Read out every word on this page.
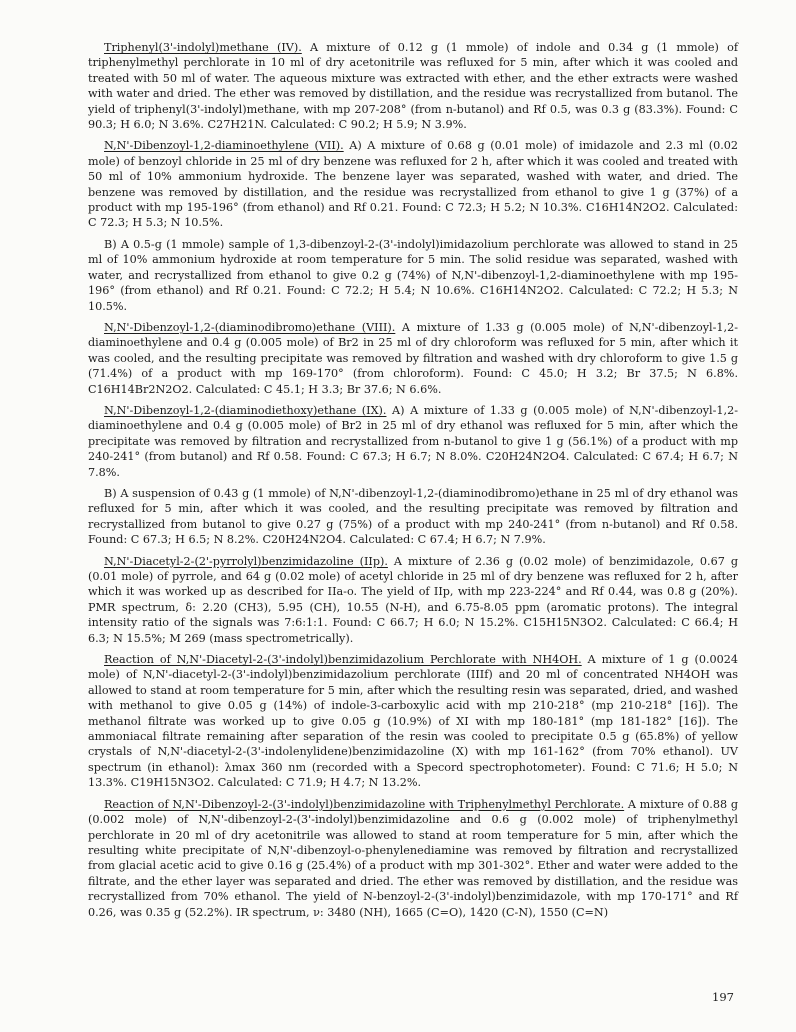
Triphenyl(3'-indolyl)methane (IV). A mixture of 0.12 g (1 mmole) of indole and 0.34 g (1 mmole) of triphenylmethyl perchlorate in 10 ml of dry acetonitrile was refluxed for 5 min, after which it was cooled and treated with 50 ml of water. The aqueous mixture was extracted with ether, and the ether extracts were washed with water and dried. The ether was removed by distillation, and the residue was recrystallized from butanol. The yield of triphenyl(3'-indolyl)methane, with mp 207-208° (from n-butanol) and Rf 0.5, was 0.3 g (83.3%). Found: C 90.3; H 6.0; N 3.6%. C27H21N. Calculated: C 90.2; H 5.9; N 3.9%.

N,N'-Dibenzoyl-1,2-diaminoethylene (VII). A) A mixture of 0.68 g (0.01 mole) of imidazole and 2.3 ml (0.02 mole) of benzoyl chloride in 25 ml of dry benzene was refluxed for 2 h, after which it was cooled and treated with 50 ml of 10% ammonium hydroxide. The benzene layer was separated, washed with water, and dried. The benzene was removed by distillation, and the residue was recrystallized from ethanol to give 1 g (37%) of a product with mp 195-196° (from ethanol) and Rf 0.21. Found: C 72.3; H 5.2; N 10.3%. C16H14N2O2. Calculated: C 72.3; H 5.3; N 10.5%.

B) A 0.5-g (1 mmole) sample of 1,3-dibenzoyl-2-(3'-indolyl)imidazolium perchlorate was allowed to stand in 25 ml of 10% ammonium hydroxide at room temperature for 5 min. The solid residue was separated, washed with water, and recrystallized from ethanol to give 0.2 g (74%) of N,N'-dibenzoyl-1,2-diaminoethylene with mp 195-196° (from ethanol) and Rf 0.21. Found: C 72.2; H 5.4; N 10.6%. C16H14N2O2. Calculated: C 72.2; H 5.3; N 10.5%.

N,N'-Dibenzoyl-1,2-(diaminodibromo)ethane (VIII). A mixture of 1.33 g (0.005 mole) of N,N'-dibenzoyl-1,2-diaminoethylene and 0.4 g (0.005 mole) of Br2 in 25 ml of dry chloroform was refluxed for 5 min, after which it was cooled, and the resulting precipitate was removed by filtration and washed with dry chloroform to give 1.5 g (71.4%) of a product with mp 169-170° (from chloroform). Found: C 45.0; H 3.2; Br 37.5; N 6.8%. C16H14Br2N2O2. Calculated: C 45.1; H 3.3; Br 37.6; N 6.6%.

N,N'-Dibenzoyl-1,2-(diaminodiethoxy)ethane (IX). A) A mixture of 1.33 g (0.005 mole) of N,N'-dibenzoyl-1,2-diaminoethylene and 0.4 g (0.005 mole) of Br2 in 25 ml of dry ethanol was refluxed for 5 min, after which the precipitate was removed by filtration and recrystallized from n-butanol to give 1 g (56.1%) of a product with mp 240-241° (from butanol) and Rf 0.58. Found: C 67.3; H 6.7; N 8.0%. C20H24N2O4. Calculated: C 67.4; H 6.7; N 7.8%.

B) A suspension of 0.43 g (1 mmole) of N,N'-dibenzoyl-1,2-(diaminodibromo)ethane in 25 ml of dry ethanol was refluxed for 5 min, after which it was cooled, and the resulting precipitate was removed by filtration and recrystallized from butanol to give 0.27 g (75%) of a product with mp 240-241° (from n-butanol) and Rf 0.58. Found: C 67.3; H 6.5; N 8.2%. C20H24N2O4. Calculated: C 67.4; H 6.7; N 7.9%.

N,N'-Diacetyl-2-(2'-pyrrolyl)benzimidazoline (IIp). A mixture of 2.36 g (0.02 mole) of benzimidazole, 0.67 g (0.01 mole) of pyrrole, and 64 g (0.02 mole) of acetyl chloride in 25 ml of dry benzene was refluxed for 2 h, after which it was worked up as described for IIa-o. The yield of IIp, with mp 223-224° and Rf 0.44, was 0.8 g (20%). PMR spectrum, δ: 2.20 (CH3), 5.95 (CH), 10.55 (N-H), and 6.75-8.05 ppm (aromatic protons). The integral intensity ratio of the signals was 7:6:1:1. Found: C 66.7; H 6.0; N 15.2%. C15H15N3O2. Calculated: C 66.4; H 6.3; N 15.5%; M 269 (mass spectrometrically).

Reaction of N,N'-Diacetyl-2-(3'-indolyl)benzimidazolium Perchlorate with NH4OH. A mixture of 1 g (0.0024 mole) of N,N'-diacetyl-2-(3'-indolyl)benzimidazolium perchlorate (IIIf) and 20 ml of concentrated NH4OH was allowed to stand at room temperature for 5 min, after which the resulting resin was separated, dried, and washed with methanol to give 0.05 g (14%) of indole-3-carboxylic acid with mp 210-218° (mp 210-218° [16]). The methanol filtrate was worked up to give 0.05 g (10.9%) of XI with mp 180-181° (mp 181-182° [16]). The ammoniacal filtrate remaining after separation of the resin was cooled to precipitate 0.5 g (65.8%) of yellow crystals of N,N'-diacetyl-2-(3'-indolenylidene)benzimidazoline (X) with mp 161-162° (from 70% ethanol). UV spectrum (in ethanol): λmax 360 nm (recorded with a Specord spectrophotometer). Found: C 71.6; H 5.0; N 13.3%. C19H15N3O2. Calculated: C 71.9; H 4.7; N 13.2%.

Reaction of N,N'-Dibenzoyl-2-(3'-indolyl)benzimidazoline with Triphenylmethyl Perchlorate. A mixture of 0.88 g (0.002 mole) of N,N'-dibenzoyl-2-(3'-indolyl)benzimidazoline and 0.6 g (0.002 mole) of triphenylmethyl perchlorate in 20 ml of dry acetonitrile was allowed to stand at room temperature for 5 min, after which the resulting white precipitate of N,N'-dibenzoyl-o-phenylenediamine was removed by filtration and recrystallized from glacial acetic acid to give 0.16 g (25.4%) of a product with mp 301-302°. Ether and water were added to the filtrate, and the ether layer was separated and dried. The ether was removed by distillation, and the residue was recrystallized from 70% ethanol. The yield of N-benzoyl-2-(3'-indolyl)benzimidazole, with mp 170-171° and Rf 0.26, was 0.35 g (52.2%). IR spectrum, ν: 3480 (NH), 1665 (C=O), 1420 (C-N), 1550 (C=N)

197
